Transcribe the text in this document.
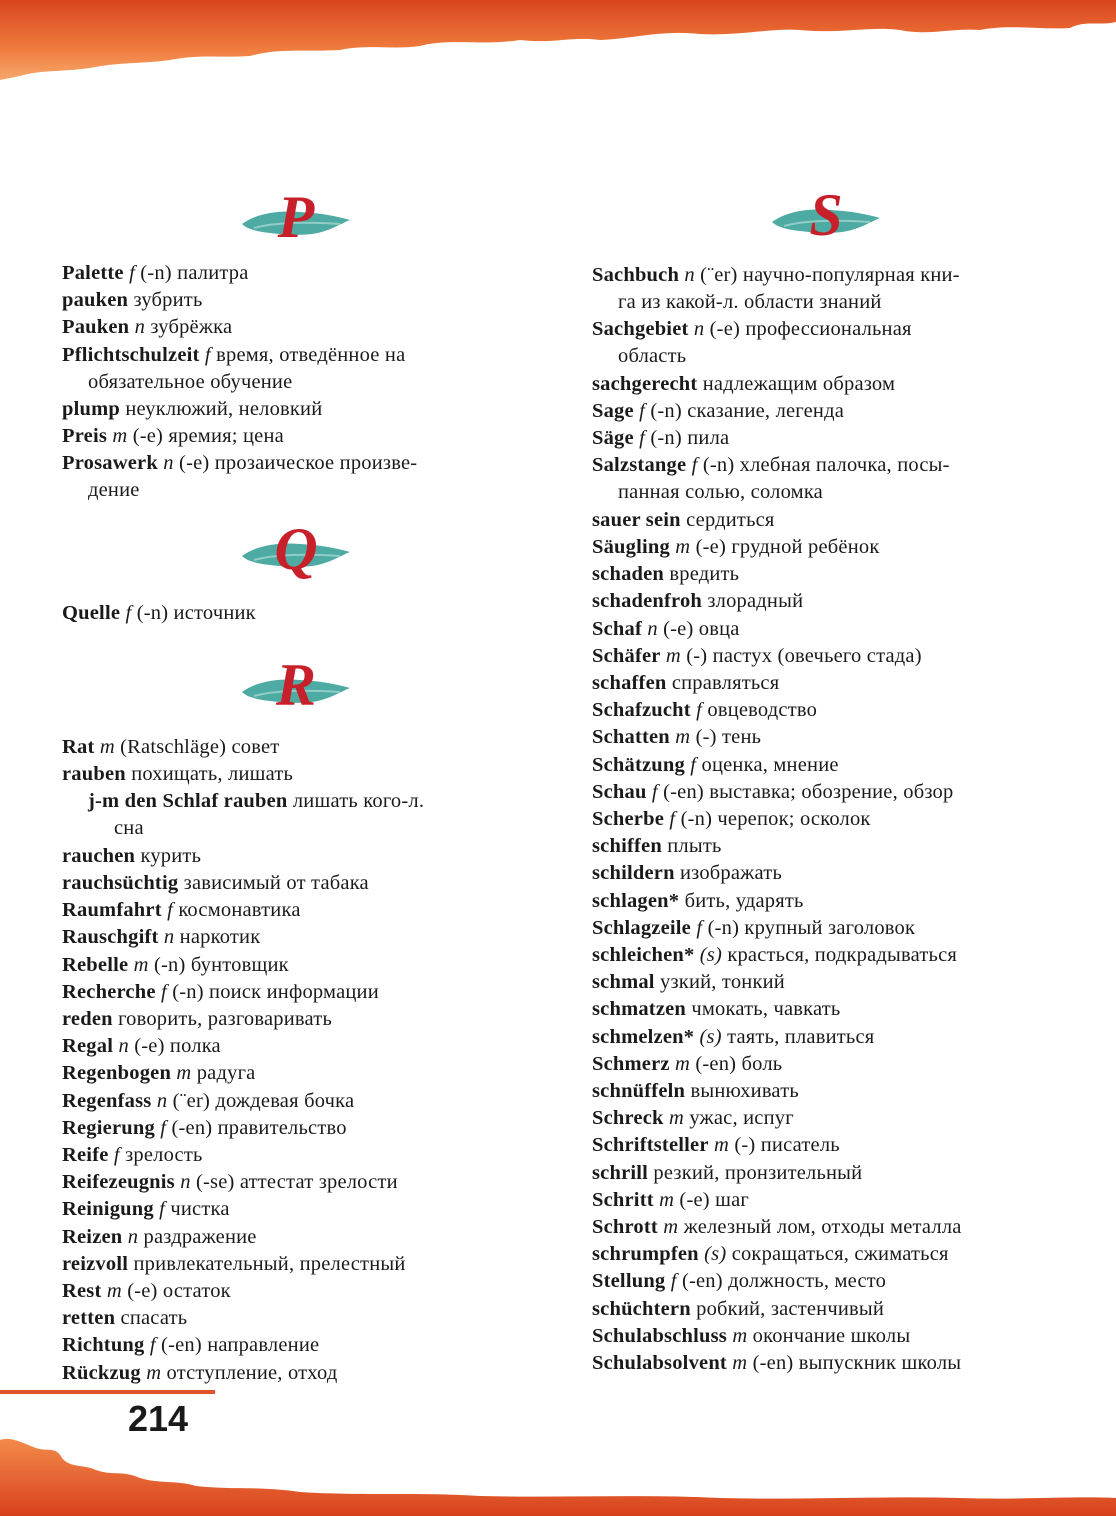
P
Palette f (-n) палитра
pauken зубрить
Pauken n зубрёжка
Pflichtschulzeit f время, отведённое на
обязательное обучение
plump неуклюжий, неловкий
Preis m (-e) яремия; цена
Prosawerk n (-e) прозаическое произве-
дение
Q
Quelle f (-n) источник
R
Rat m (Ratschläge) совет
rauben похищать, лишать
j-m den Schlaf rauben лишать кого-л.
сна
rauchen курить
rauchsüchtig зависимый от табака
Raumfahrt f космонавтика
Rauschgift n наркотик
Rebelle m (-n) бунтовщик
Recherche f (-n) поиск информации
reden говорить, разговаривать
Regal n (-e) полка
Regenbogen m радуга
Regenfass n (¨er) дождевая бочка
Regierung f (-en) правительство
Reife f зрелость
Reifezeugnis n (-se) аттестат зрелости
Reinigung f чистка
Reizen n раздражение
reizvoll привлекательный, прелестный
Rest m (-e) остаток
retten спасать
Richtung f (-en) направление
Rückzug m отступление, отход
S
Sachbuch n (¨er) научно-популярная кни-
га из какой-л. области знаний
Sachgebiet n (-e) профессиональная
область
sachgerecht надлежащим образом
Sage f (-n) сказание, легенда
Säge f (-n) пила
Salzstange f (-n) хлебная палочка, посы-
панная солью, соломка
sauer sein сердиться
Säugling m (-e) грудной ребёнок
schaden вредить
schadenfroh злорадный
Schaf n (-e) овца
Schäfer m (-) пастух (овечьего стада)
schaffen справляться
Schafzucht f овцеводство
Schatten m (-) тень
Schätzung f оценка, мнение
Schau f (-en) выставка; обозрение, обзор
Scherbe f (-n) черепок; осколок
schiffen плыть
schildern изображать
schlagen* бить, ударять
Schlagzeile f (-n) крупный заголовок
schleichen* (s) красться, подкрадываться
schmal узкий, тонкий
schmatzen чмокать, чавкать
schmelzen* (s) таять, плавиться
Schmerz m (-en) боль
schnüffeln вынюхивать
Schreck m ужас, испуг
Schriftsteller m (-) писатель
schrill резкий, пронзительный
Schritt m (-e) шаг
Schrott m железный лом, отходы металла
schrumpfen (s) сокращаться, сжиматься
Stellung f (-en) должность, место
schüchtern робкий, застенчивый
Schulabschluss m окончание школы
Schulabsolvent m (-en) выпускник школы
214
